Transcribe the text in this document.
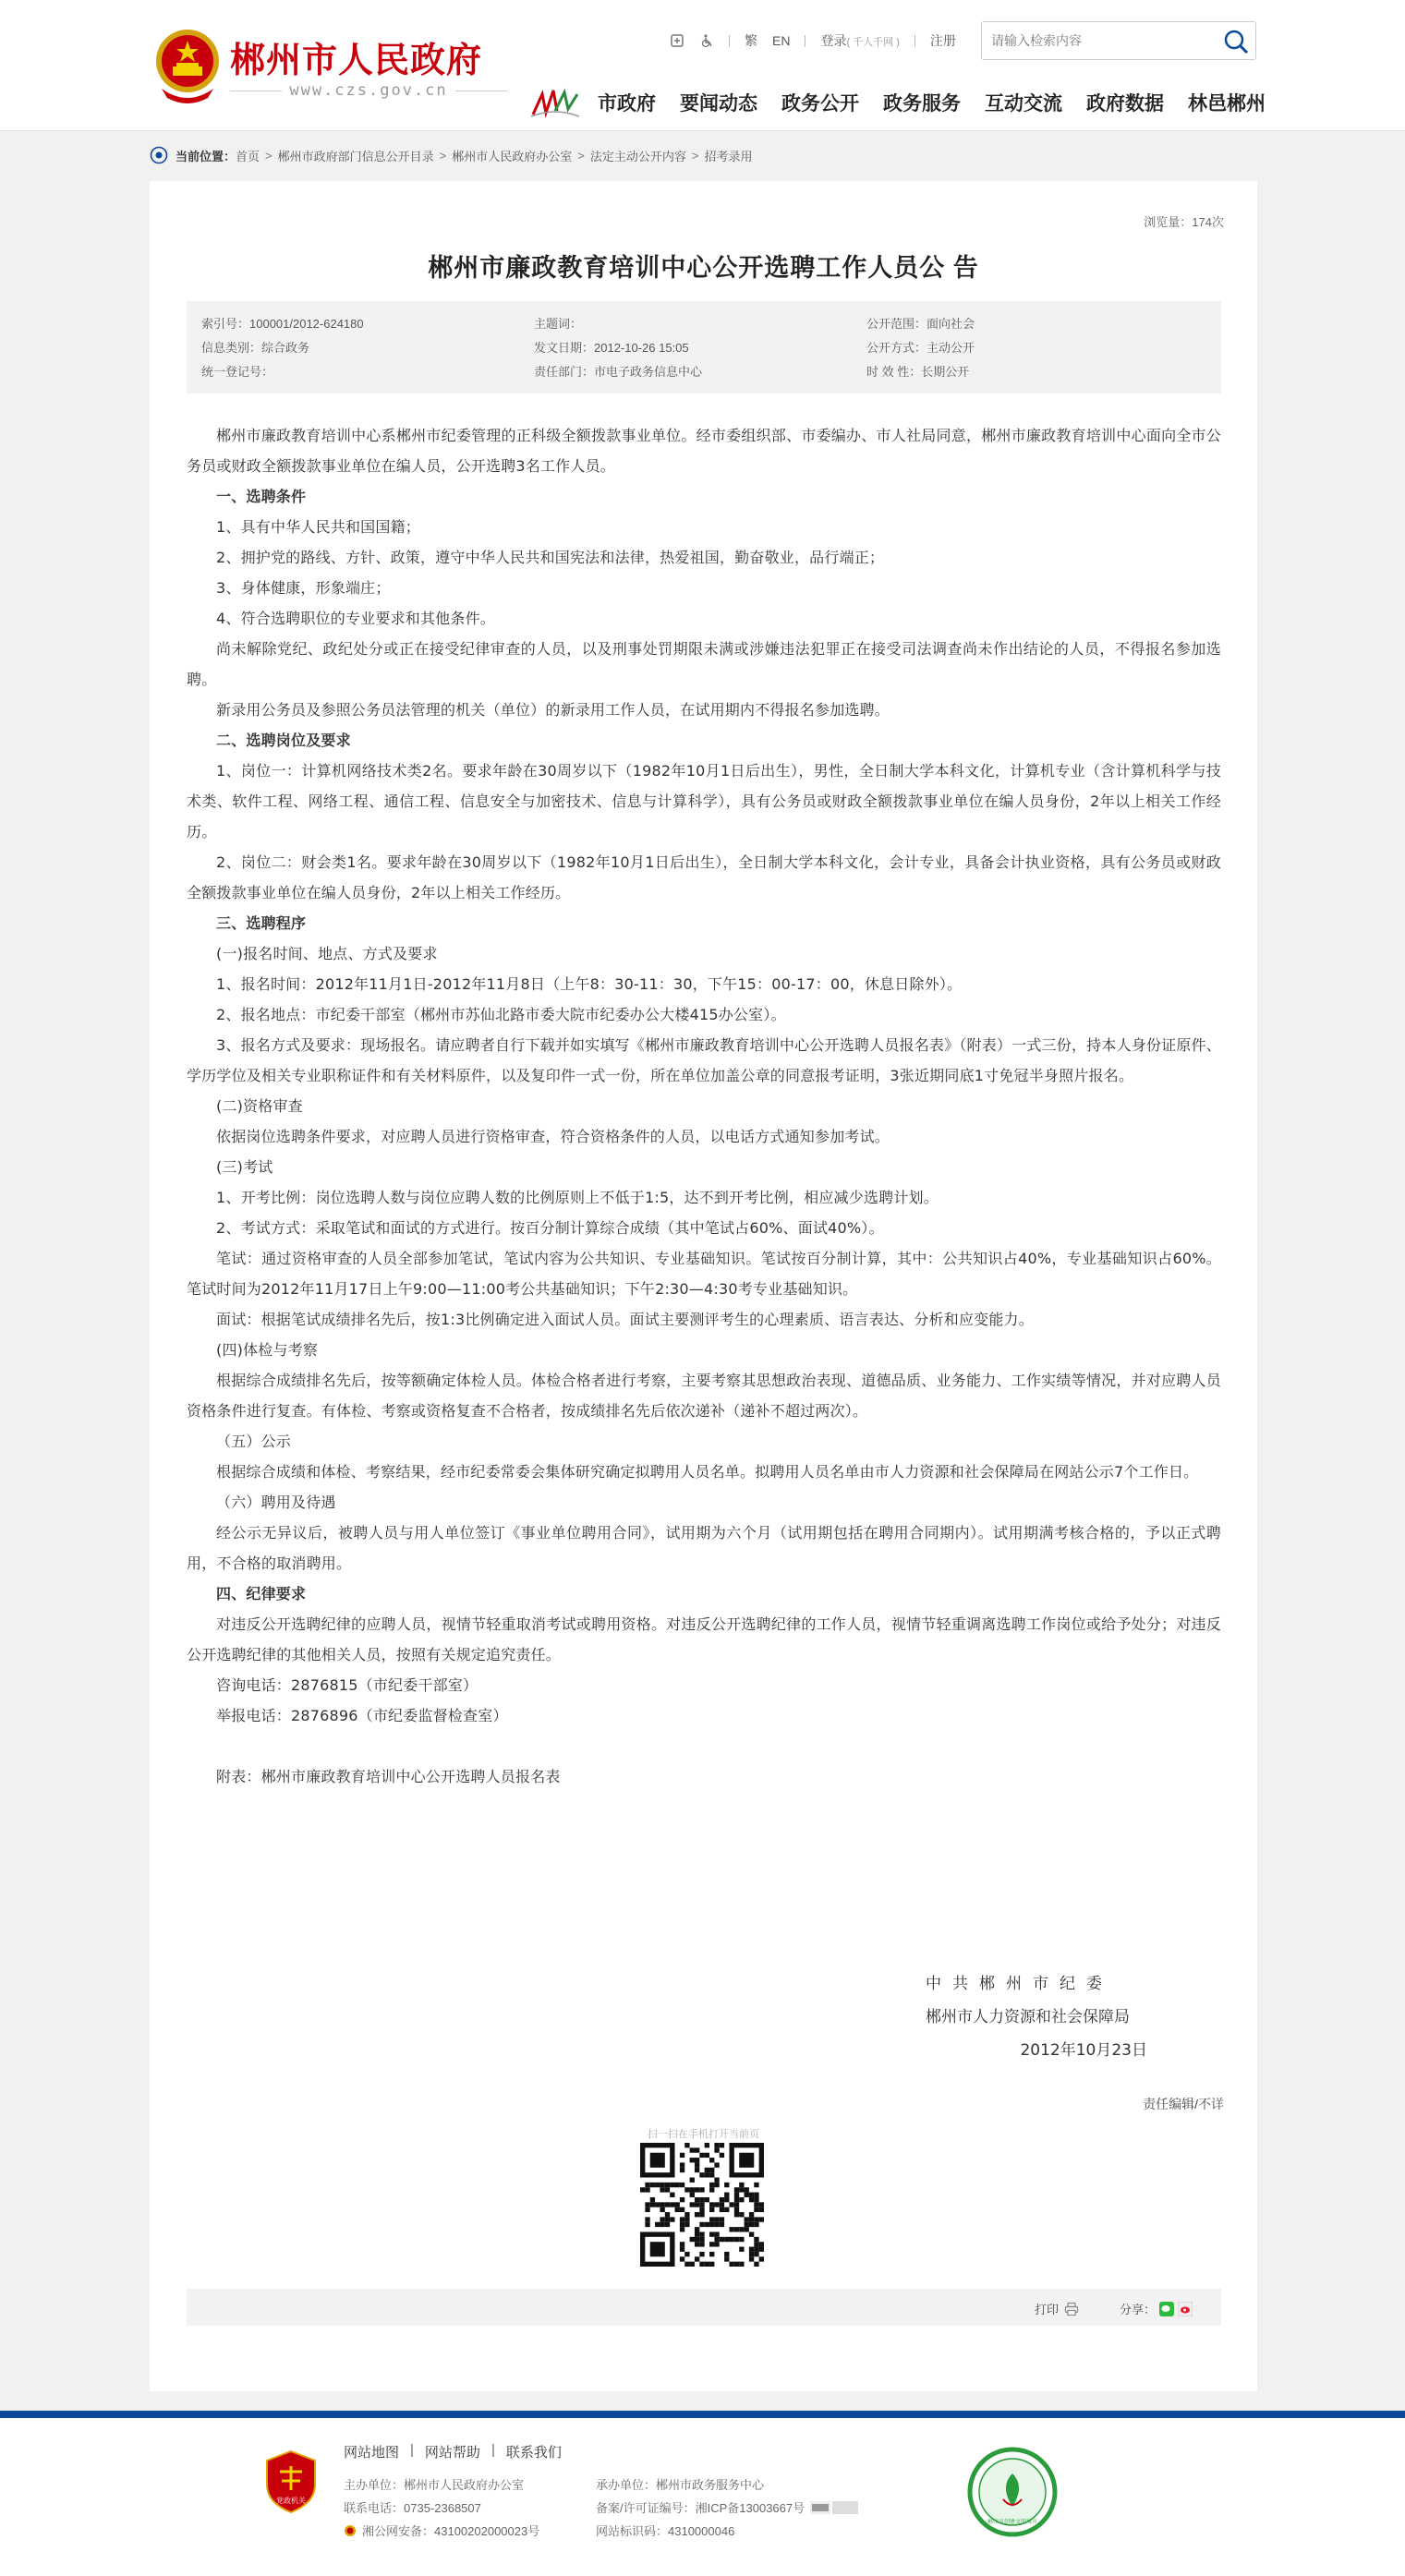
郴州市人民政府
www.czs.gov.cn
繁 EN 登录( 千人千网 ) 注册
请输入检索内容
市政府 要闻动态 政务公开 政务服务 互动交流 政府数据 林邑郴州
当前位置： 首页 > 郴州市政府部门信息公开目录 > 郴州市人民政府办公室 > 法定主动公开内容 > 招考录用
浏览量：174次
郴州市廉政教育培训中心公开选聘工作人员公 告
索引号：100001/2012-624180	主题词：	公开范围：面向社会
信息类别：综合政务	发文日期：2012-10-26 15:05	公开方式：主动公开
统一登记号：	责任部门：市电子政务信息中心	时 效 性：长期公开

郴州市廉政教育培训中心系郴州市纪委管理的正科级全额拨款事业单位。经市委组织部、市委编办、市人社局同意，郴州市廉政教育培训中心面向全市公务员或财政全额拨款事业单位在编人员，公开选聘3名工作人员。

一、选聘条件

1、具有中华人民共和国国籍；

2、拥护党的路线、方针、政策，遵守中华人民共和国宪法和法律，热爱祖国，勤奋敬业，品行端正；

3、身体健康，形象端庄；

4、符合选聘职位的专业要求和其他条件。

尚未解除党纪、政纪处分或正在接受纪律审查的人员，以及刑事处罚期限未满或涉嫌违法犯罪正在接受司法调查尚未作出结论的人员，不得报名参加选聘。

新录用公务员及参照公务员法管理的机关（单位）的新录用工作人员，在试用期内不得报名参加选聘。

二、选聘岗位及要求

1、岗位一：计算机网络技术类2名。要求年龄在30周岁以下（1982年10月1日后出生），男性，全日制大学本科文化，计算机专业（含计算机科学与技术类、软件工程、网络工程、通信工程、信息安全与加密技术、信息与计算科学），具有公务员或财政全额拨款事业单位在编人员身份，2年以上相关工作经历。

2、岗位二：财会类1名。要求年龄在30周岁以下（1982年10月1日后出生），全日制大学本科文化，会计专业，具备会计执业资格，具有公务员或财政全额拨款事业单位在编人员身份，2年以上相关工作经历。

三、选聘程序

(一)报名时间、地点、方式及要求

1、报名时间：2012年11月1日-2012年11月8日（上午8：30-11：30，下午15：00-17：00，休息日除外）。

2、报名地点：市纪委干部室（郴州市苏仙北路市委大院市纪委办公大楼415办公室）。

3、报名方式及要求：现场报名。请应聘者自行下载并如实填写《郴州市廉政教育培训中心公开选聘人员报名表》（附表）一式三份，持本人身份证原件、学历学位及相关专业职称证件和有关材料原件，以及复印件一式一份，所在单位加盖公章的同意报考证明，3张近期同底1寸免冠半身照片报名。

(二)资格审查

依据岗位选聘条件要求，对应聘人员进行资格审查，符合资格条件的人员，以电话方式通知参加考试。

(三)考试

1、开考比例：岗位选聘人数与岗位应聘人数的比例原则上不低于1:5，达不到开考比例，相应减少选聘计划。

2、考试方式：采取笔试和面试的方式进行。按百分制计算综合成绩（其中笔试占60%、面试40%）。

笔试：通过资格审查的人员全部参加笔试，笔试内容为公共知识、专业基础知识。笔试按百分制计算，其中：公共知识占40%，专业基础知识占60%。笔试时间为2012年11月17日上午9:00—11:00考公共基础知识；下午2:30—4:30考专业基础知识。

面试：根据笔试成绩排名先后，按1:3比例确定进入面试人员。面试主要测评考生的心理素质、语言表达、分析和应变能力。

(四)体检与考察

根据综合成绩排名先后，按等额确定体检人员。体检合格者进行考察，主要考察其思想政治表现、道德品质、业务能力、工作实绩等情况，并对应聘人员资格条件进行复查。有体检、考察或资格复查不合格者，按成绩排名先后依次递补（递补不超过两次）。

（五）公示

根据综合成绩和体检、考察结果，经市纪委常委会集体研究确定拟聘用人员名单。拟聘用人员名单由市人力资源和社会保障局在网站公示7个工作日。

（六）聘用及待遇

经公示无异议后，被聘人员与用人单位签订《事业单位聘用合同》，试用期为六个月（试用期包括在聘用合同期内）。试用期满考核合格的，予以正式聘用，不合格的取消聘用。

四、纪律要求

对违反公开选聘纪律的应聘人员，视情节轻重取消考试或聘用资格。对违反公开选聘纪律的工作人员，视情节轻重调离选聘工作岗位或给予处分；对违反公开选聘纪律的其他相关人员，按照有关规定追究责任。

咨询电话：2876815（市纪委干部室）

举报电话：2876896（市纪委监督检查室）

附表：郴州市廉政教育培训中心公开选聘人员报名表

中共郴州市纪委
郴州市人力资源和社会保障局
2012年10月23日
责任编辑/不详
扫一扫在手机打开当前页
打印	分享：
党政机关
网站地图 | 网站帮助 | 联系我们
主办单位：郴州市人民政府办公室	承办单位：郴州市政务服务中心
联系电话：0735-2368507	备案/许可证编号：湘ICP备13003667号
湘公网安备：43100202000023号	网站标识码：4310000046
郴州市创建文明城市
